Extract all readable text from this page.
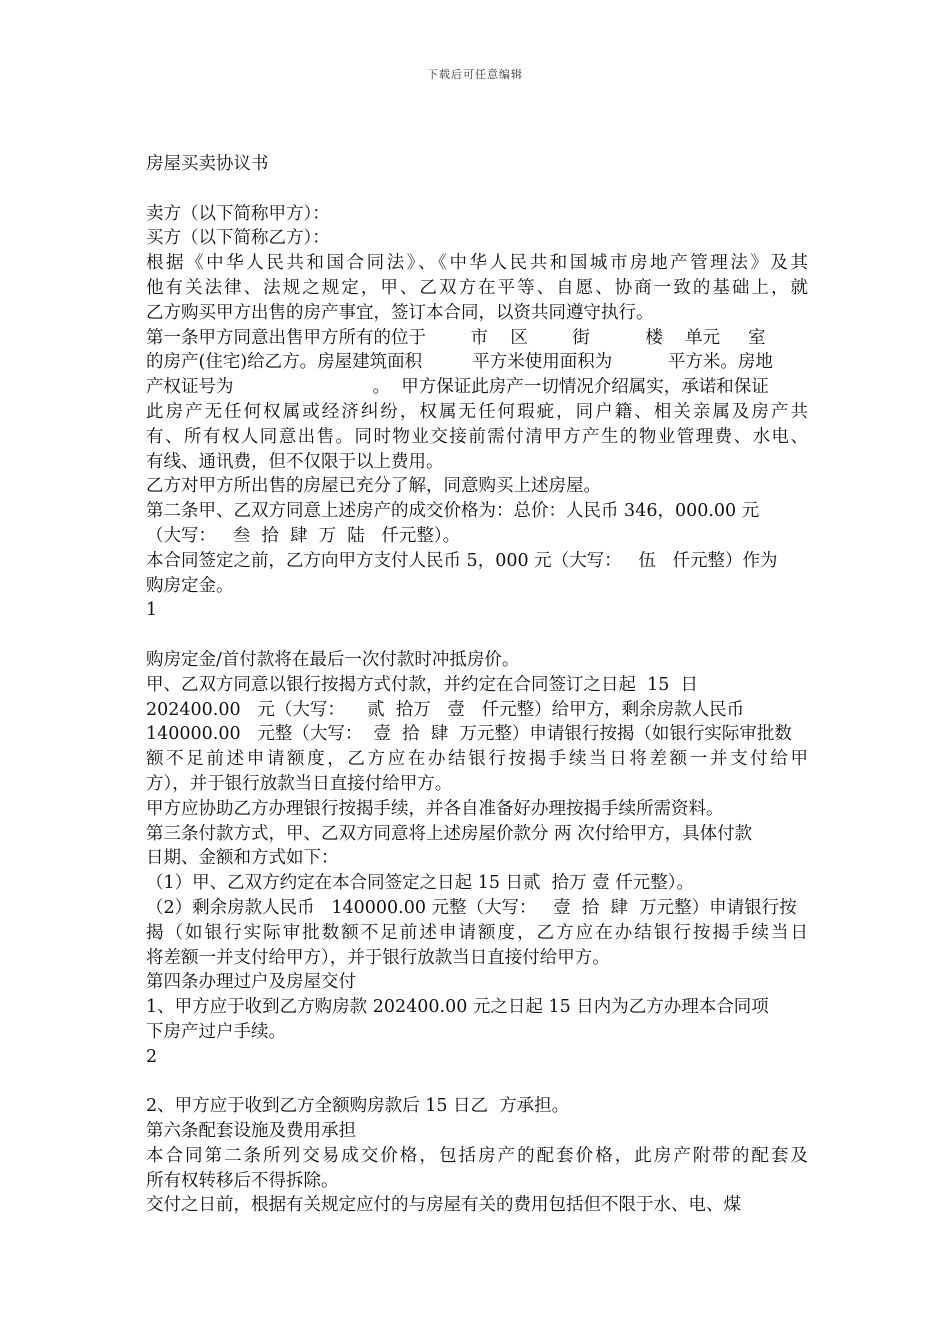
下载后可任意编辑
房屋买卖协议书
卖方（以下简称甲方）：
买方（以下简称乙方）：
根据《中华人民共和国合同法》、《中华人民共和国城市房地产管理法》及其
他有关法律、法规之规定，甲、乙双方在平等、自愿、协商一致的基础上，就
乙方购买甲方出售的房产事宜，签订本合同，以资共同遵守执行。
第一条甲方同意出售甲方所有的位于        市    区        街          楼    单元     室
的房产(住宅)给乙方。房屋建筑面积         平方米使用面积为          平方米。房地
产权证号为                         。  甲方保证此房产一切情况介绍属实，承诺和保证
此房产无任何权属或经济纠纷，权属无任何瑕疵，同户籍、相关亲属及房产共
有、所有权人同意出售。同时物业交接前需付清甲方产生的物业管理费、水电、
有线、通讯费，但不仅限于以上费用。
乙方对甲方所出售的房屋已充分了解，同意购买上述房屋。
第二条甲、乙双方同意上述房产的成交价格为：总价：人民币 346，000.00 元
（大写：   叁  拾  肆  万  陆   仟元整）。
本合同签定之前，乙方向甲方支付人民币 5，000 元（大写：   伍   仟元整）作为
购房定金。
1
购房定金/首付款将在最后一次付款时冲抵房价。
甲、乙双方同意以银行按揭方式付款，并约定在合同签订之日起  15  日
202400.00   元（大写：    贰  拾万   壹   仟元整）给甲方，剩余房款人民币
140000.00   元整（大写：  壹  拾  肆  万元整）申请银行按揭（如银行实际审批数
额不足前述申请额度，乙方应在办结银行按揭手续当日将差额一并支付给甲
方），并于银行放款当日直接付给甲方。
甲方应协助乙方办理银行按揭手续，并各自准备好办理按揭手续所需资料。
第三条付款方式，甲、乙双方同意将上述房屋价款分 两 次付给甲方，具体付款
日期、金额和方式如下：
（1）甲、乙双方约定在本合同签定之日起 15 日贰  拾万 壹 仟元整）。
（2）剩余房款人民币   140000.00 元整（大写：   壹  拾  肆  万元整）申请银行按
揭（如银行实际审批数额不足前述申请额度，乙方应在办结银行按揭手续当日
将差额一并支付给甲方），并于银行放款当日直接付给甲方。
第四条办理过户及房屋交付
1、甲方应于收到乙方购房款 202400.00 元之日起 15 日内为乙方办理本合同项
下房产过户手续。
2
2、甲方应于收到乙方全额购房款后 15 日乙  方承担。
第六条配套设施及费用承担
本合同第二条所列交易成交价格，包括房产的配套价格，此房产附带的配套及
所有权转移后不得拆除。
交付之日前，根据有关规定应付的与房屋有关的费用包括但不限于水、电、煤
